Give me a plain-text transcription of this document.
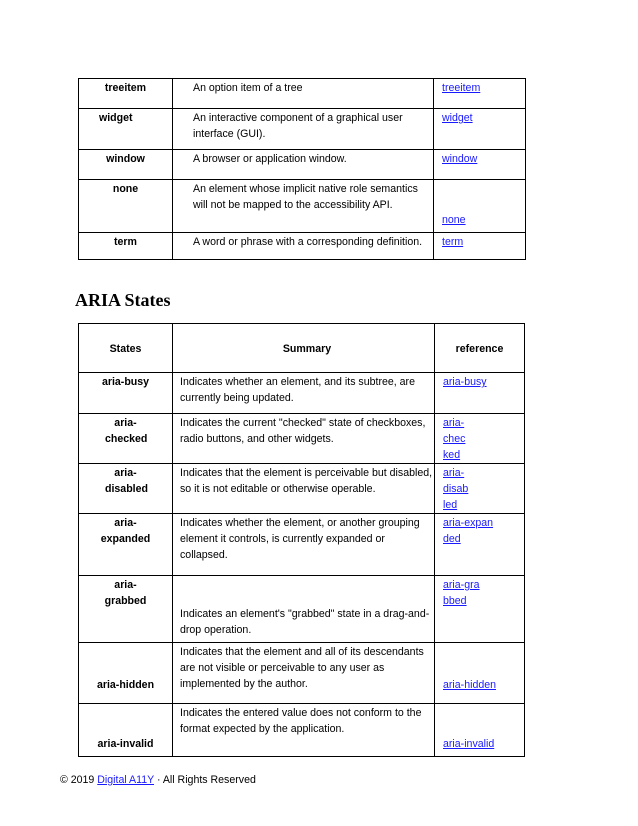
treeitem	An option item of a tree	treeitem
widget	An interactive component of a graphical user interface (GUI).	widget
window	A browser or application window.	window
none	An element whose implicit native role semantics will not be mapped to the accessibility API.	none
term	A word or phrase with a corresponding definition.	term
ARIA States
States	Summary	reference
aria-busy	Indicates whether an element, and its subtree, are currently being updated.	aria-busy
aria-checked	Indicates the current "checked" state of checkboxes, radio buttons, and other widgets.	aria-checked
aria-disabled	Indicates that the element is perceivable but disabled, so it is not editable or otherwise operable.	aria-disabled
aria-expanded	Indicates whether the element, or another grouping element it controls, is currently expanded or collapsed.	aria-expanded
aria-grabbed	Indicates an element's "grabbed" state in a drag-and-drop operation.	aria-grabbed
aria-hidden	Indicates that the element and all of its descendants are not visible or perceivable to any user as implemented by the author.	aria-hidden
aria-invalid	Indicates the entered value does not conform to the format expected by the application.	aria-invalid

© 2019 Digital A11Y · All Rights Reserved
